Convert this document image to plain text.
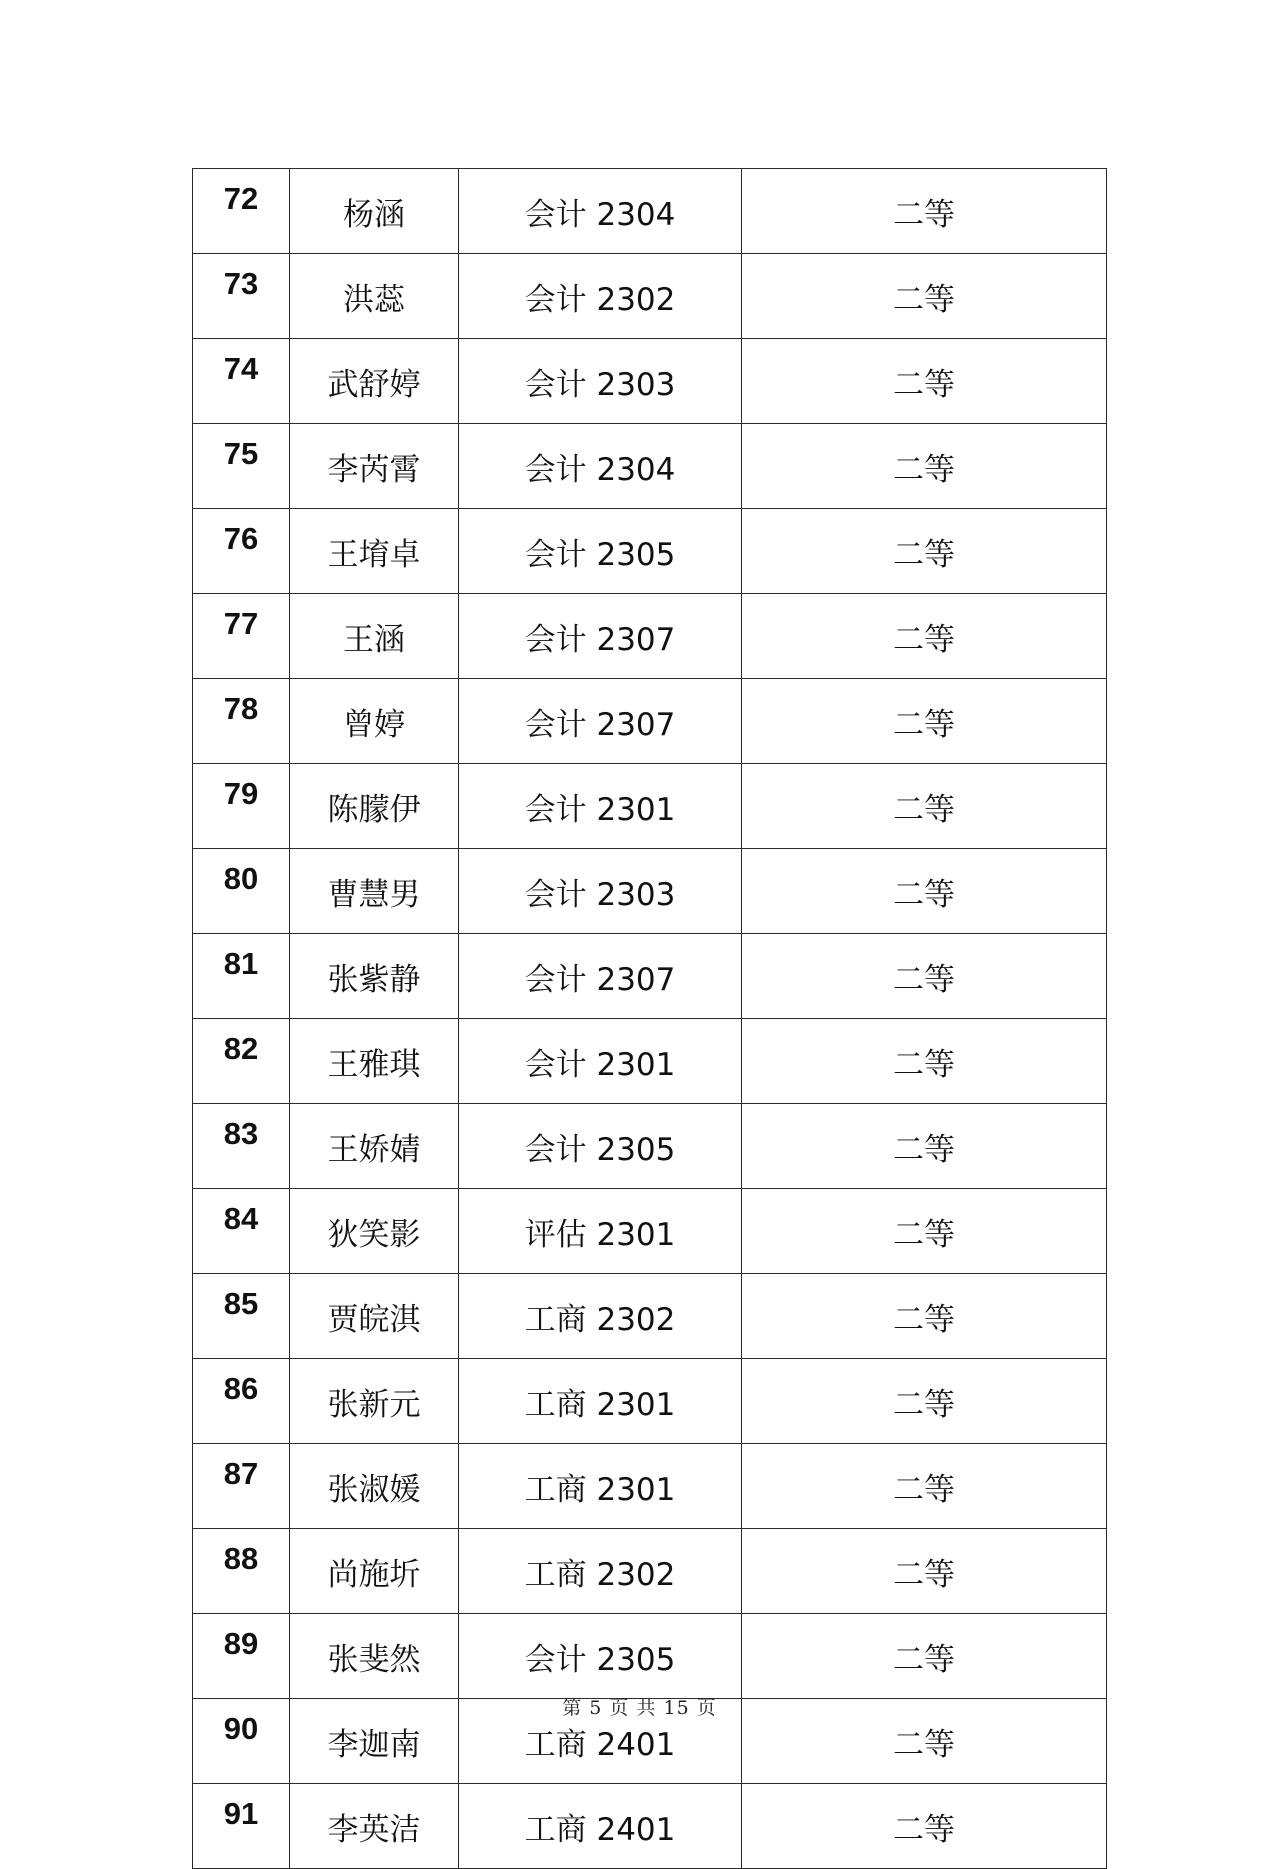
72	杨涵	会计 2304	二等
73	洪蕊	会计 2302	二等
74	武舒婷	会计 2303	二等
75	李芮霄	会计 2304	二等
76	王堉卓	会计 2305	二等
77	王涵	会计 2307	二等
78	曾婷	会计 2307	二等
79	陈朦伊	会计 2301	二等
80	曹慧男	会计 2303	二等
81	张紫静	会计 2307	二等
82	王雅琪	会计 2301	二等
83	王娇婧	会计 2305	二等
84	狄笑影	评估 2301	二等
85	贾皖淇	工商 2302	二等
86	张新元	工商 2301	二等
87	张淑媛	工商 2301	二等
88	尚施圻	工商 2302	二等
89	张斐然	会计 2305	二等
90	李迦南	工商 2401	二等
91	李英洁	工商 2401	二等
第 5 页 共 15 页
